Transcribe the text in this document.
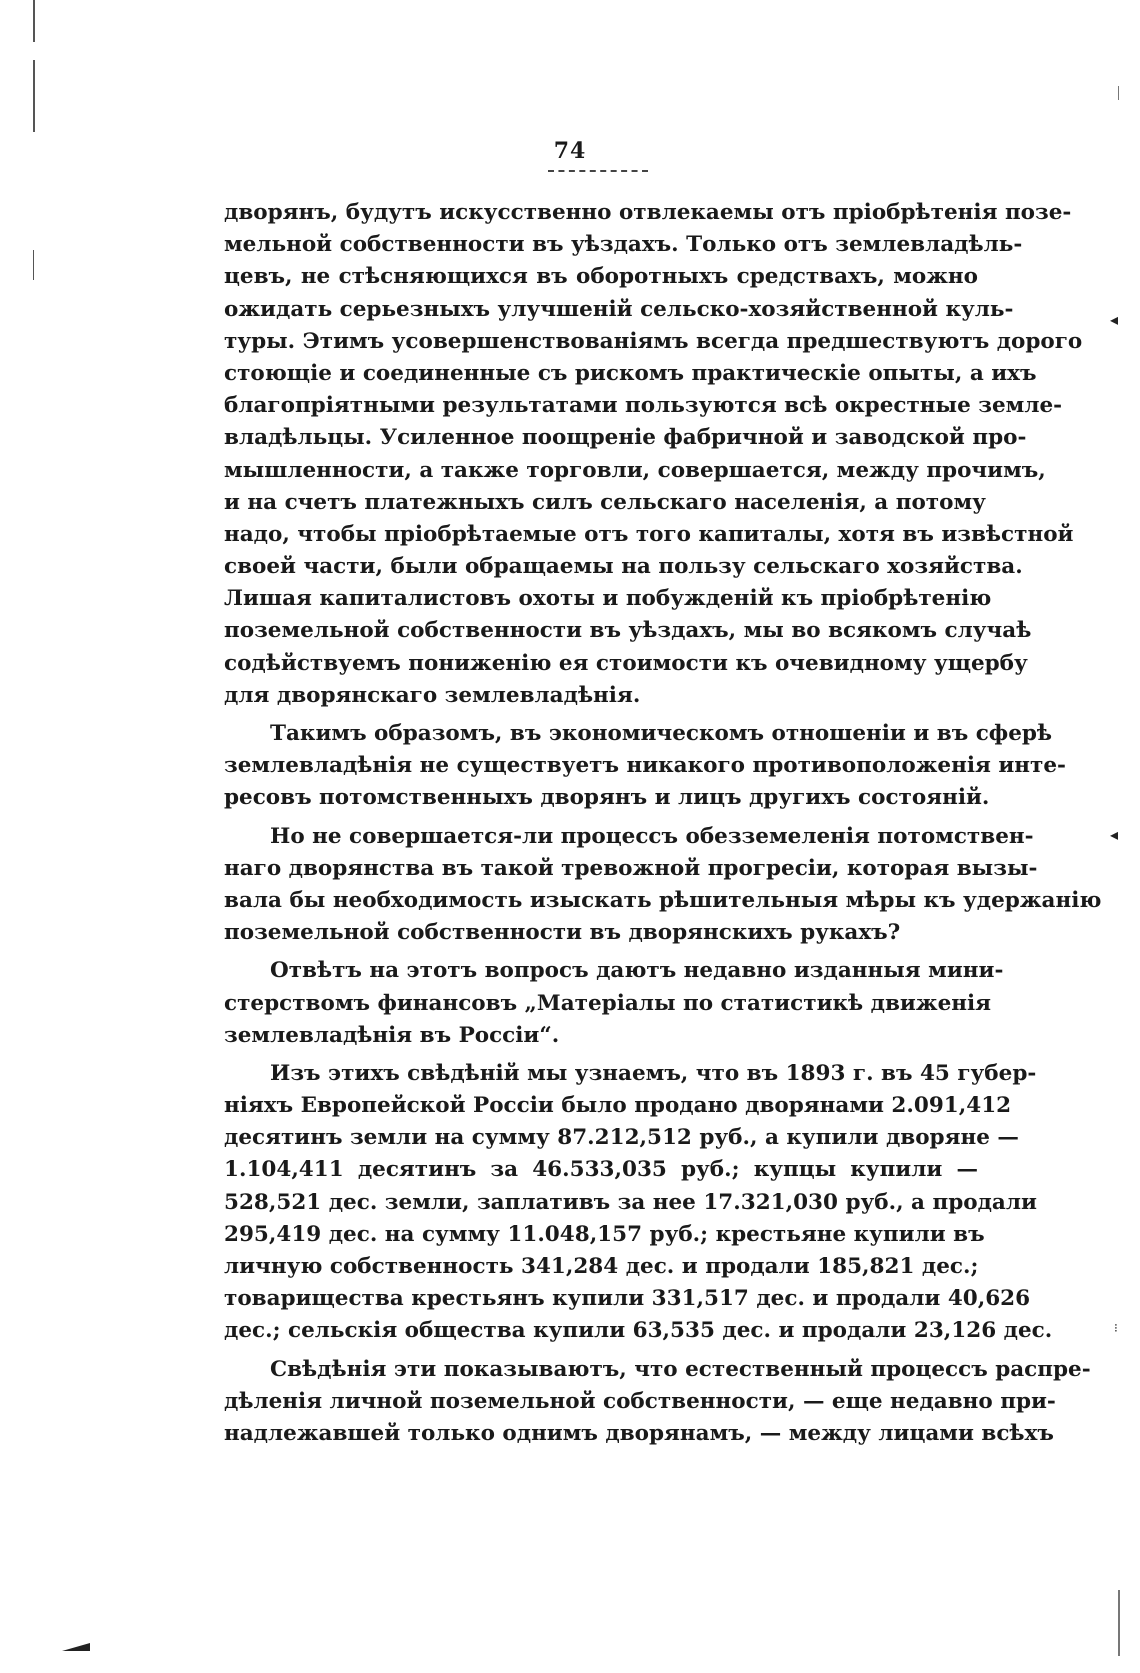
◂
◂
⁝
74
дворянъ, будутъ искусственно отвлекаемы отъ пріобрѣтенія позе-
мельной собственности въ уѣздахъ. Только отъ землевладѣль-
цевъ, не стѣсняющихся въ оборотныхъ средствахъ, можно
ожидать серьезныхъ улучшеній сельско-хозяйственной куль-
туры. Этимъ усовершенствованіямъ всегда предшествуютъ дорого
стоющіе и соединенные съ рискомъ практическіе опыты, а ихъ
благопріятными результатами пользуются всѣ окрестные земле-
владѣльцы. Усиленное поощреніе фабричной и заводской про-
мышленности, а также торговли, совершается, между прочимъ,
и на счетъ платежныхъ силъ сельскаго населенія, а потому
надо, чтобы пріобрѣтаемые отъ того капиталы, хотя въ извѣстной
своей части, были обращаемы на пользу сельскаго хозяйства.
Лишая капиталистовъ охоты и побужденій къ пріобрѣтенію
поземельной собственности въ уѣздахъ, мы во всякомъ случаѣ
содѣйствуемъ пониженію ея стоимости къ очевидному ущербу
для дворянскаго землевладѣнія.
Такимъ образомъ, въ экономическомъ отношеніи и въ сферѣ
землевладѣнія не существуетъ никакого противоположенія инте-
ресовъ потомственныхъ дворянъ и лицъ другихъ состояній.
Но не совершается-ли процессъ обезземеленія потомствен-
наго дворянства въ такой тревожной прогресіи, которая вызы-
вала бы необходимость изыскать рѣшительныя мѣры къ удержанію
поземельной собственности въ дворянскихъ рукахъ?
Отвѣтъ на этотъ вопросъ даютъ недавно изданныя мини-
стерствомъ финансовъ „Матеріалы по статистикѣ движенія
землевладѣнія въ Россіи“.
Изъ этихъ свѣдѣній мы узнаемъ, что въ 1893 г. въ 45 губер-
ніяхъ Европейской Россіи было продано дворянами 2.091,412
десятинъ земли на сумму 87.212,512 руб., а купили дворяне —
1.104,411 десятинъ за 46.533,035 руб.; купцы купили —
528,521 дес. земли, заплативъ за нее 17.321,030 руб., а продали
295,419 дес. на сумму 11.048,157 руб.; крестьяне купили въ
личную собственность 341,284 дес. и продали 185,821 дес.;
товарищества крестьянъ купили 331,517 дес. и продали 40,626
дес.; сельскія общества купили 63,535 дес. и продали 23,126 дес.
Свѣдѣнія эти показываютъ, что естественный процессъ распре-
дѣленія личной поземельной собственности, — еще недавно при-
надлежавшей только однимъ дворянамъ, — между лицами всѣхъ
